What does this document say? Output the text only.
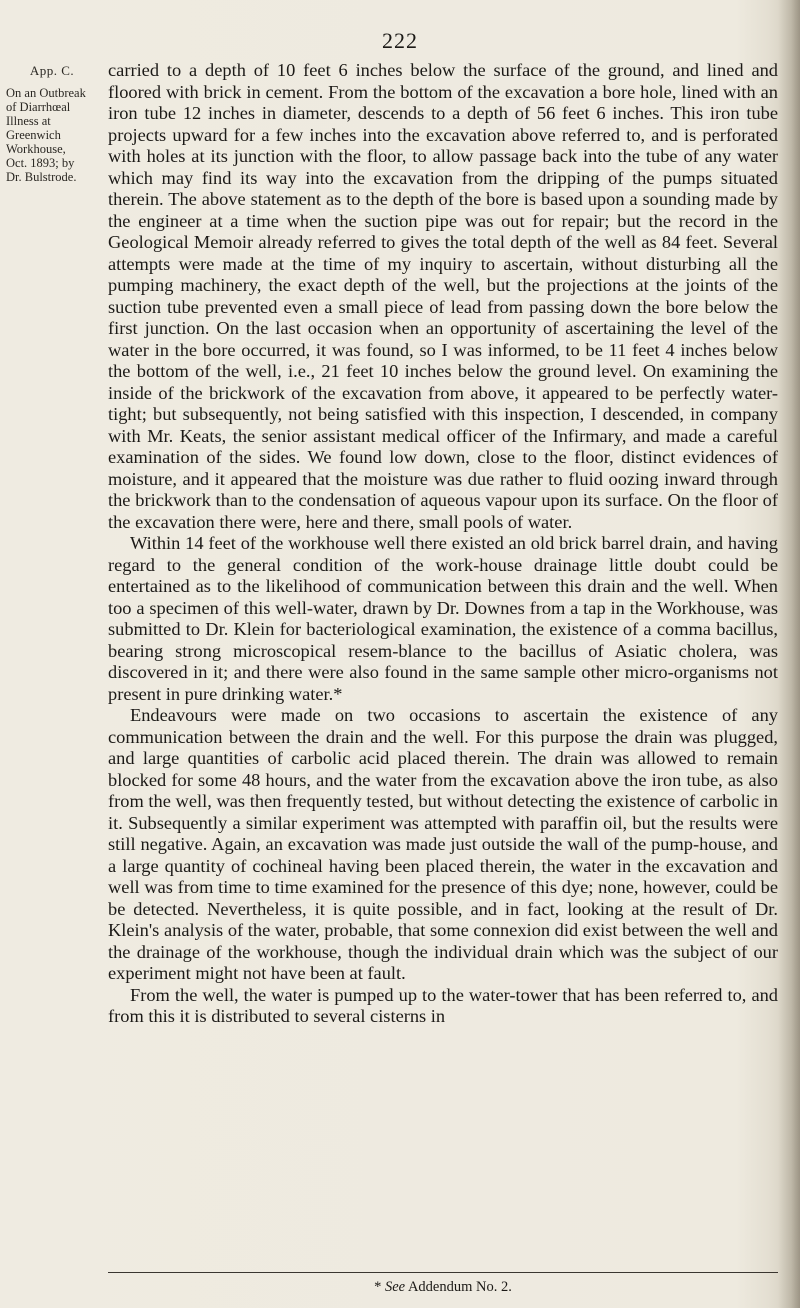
222
App. C.
On an Outbreak
of Diarrhœal
Illness at
Greenwich
Workhouse,
Oct. 1893; by
Dr. Bulstrode.

carried to a depth of 10 feet 6 inches below the surface of the ground, and lined and floored with brick in cement. From the bottom of the excavation a bore hole, lined with an iron tube 12 inches in diameter, descends to a depth of 56 feet 6 inches. This iron tube projects upward for a few inches into the excavation above referred to, and is perforated with holes at its junction with the floor, to allow passage back into the tube of any water which may find its way into the excavation from the dripping of the pumps situated therein. The above statement as to the depth of the bore is based upon a sounding made by the engineer at a time when the suction pipe was out for repair; but the record in the Geological Memoir already referred to gives the total depth of the well as 84 feet. Several attempts were made at the time of my inquiry to ascertain, without disturbing all the pumping machinery, the exact depth of the well, but the projections at the joints of the suction tube prevented even a small piece of lead from passing down the bore below the first junction. On the last occasion when an opportunity of ascertaining the level of the water in the bore occurred, it was found, so I was informed, to be 11 feet 4 inches below the bottom of the well, i.e., 21 feet 10 inches below the ground level. On examining the inside of the brickwork of the excavation from above, it appeared to be perfectly water-tight; but subsequently, not being satisfied with this inspection, I descended, in company with Mr. Keats, the senior assistant medical officer of the Infirmary, and made a careful examination of the sides. We found low down, close to the floor, distinct evidences of moisture, and it appeared that the moisture was due rather to fluid oozing inward through the brickwork than to the condensation of aqueous vapour upon its surface. On the floor of the excavation there were, here and there, small pools of water.

Within 14 feet of the workhouse well there existed an old brick barrel drain, and having regard to the general condition of the work-house drainage little doubt could be entertained as to the likelihood of communication between this drain and the well. When too a specimen of this well-water, drawn by Dr. Downes from a tap in the Workhouse, was submitted to Dr. Klein for bacteriological examination, the existence of a comma bacillus, bearing strong microscopical resem-blance to the bacillus of Asiatic cholera, was discovered in it; and there were also found in the same sample other micro-organisms not present in pure drinking water.*

Endeavours were made on two occasions to ascertain the existence of any communication between the drain and the well. For this purpose the drain was plugged, and large quantities of carbolic acid placed therein. The drain was allowed to remain blocked for some 48 hours, and the water from the excavation above the iron tube, as also from the well, was then frequently tested, but without detecting the existence of carbolic in it. Subsequently a similar experiment was attempted with paraffin oil, but the results were still negative. Again, an excavation was made just outside the wall of the pump-house, and a large quantity of cochineal having been placed therein, the water in the excavation and well was from time to time examined for the presence of this dye; none, however, could be be detected. Nevertheless, it is quite possible, and in fact, looking at the result of Dr. Klein's analysis of the water, probable, that some connexion did exist between the well and the drainage of the workhouse, though the individual drain which was the subject of our experiment might not have been at fault.

From the well, the water is pumped up to the water-tower that has been referred to, and from this it is distributed to several cisterns in

* See Addendum No. 2.
